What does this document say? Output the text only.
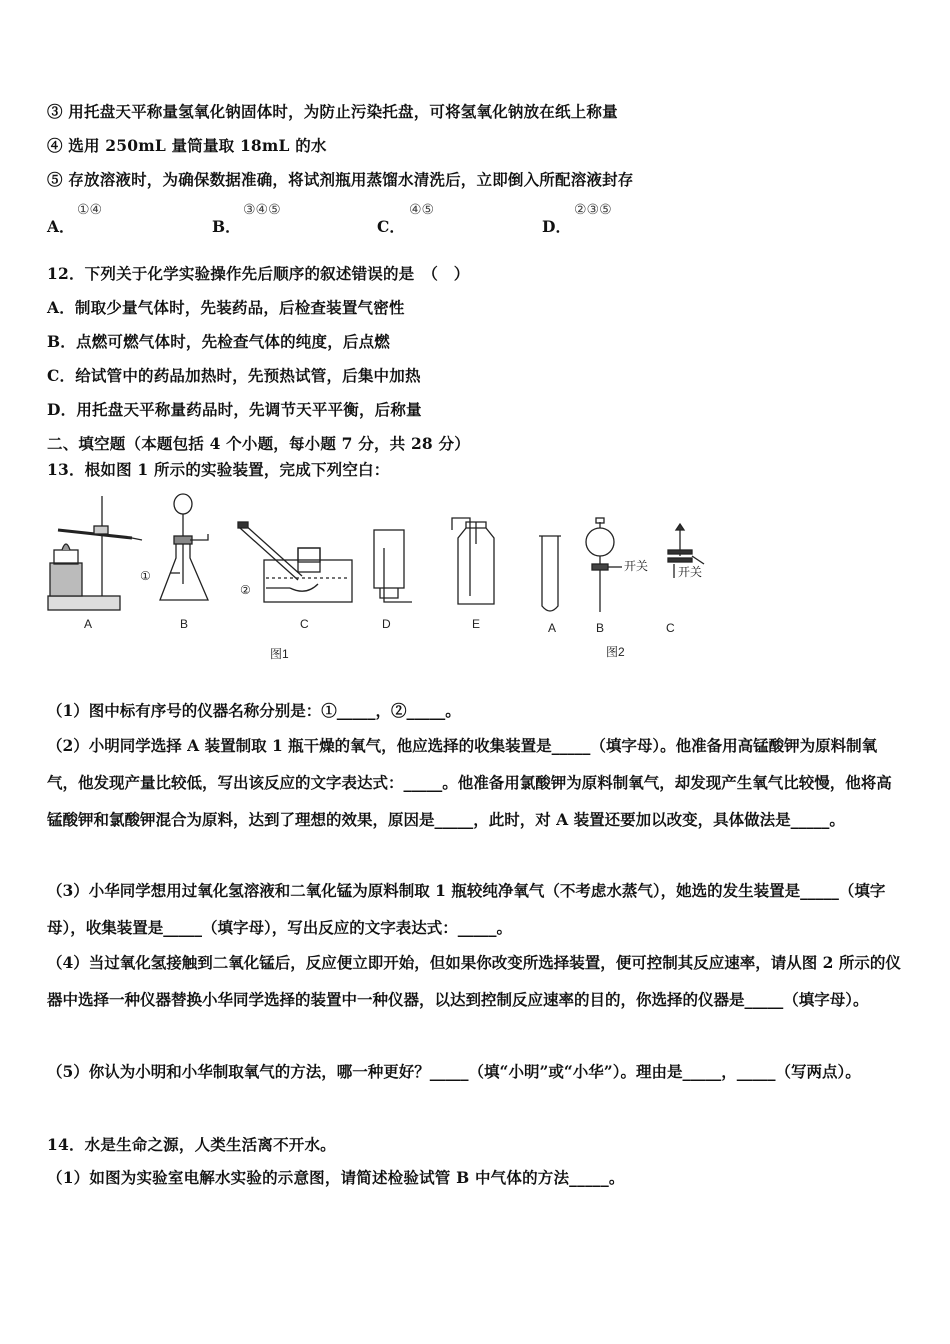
③ 用托盘天平称量氢氧化钠固体时，为防止污染托盘，可将氢氧化钠放在纸上称量
④ 选用 250mL 量筒量取 18mL 的水
⑤ 存放溶液时，为确保数据准确，将试剂瓶用蒸馏水清洗后，立即倒入所配溶液封存
A．
①④
B．
③④⑤
C．
④⑤
D．
②③⑤
12．下列关于化学实验操作先后顺序的叙述错误的是　（　）
A．制取少量气体时，先装药品，后检查装置气密性
B．点燃可燃气体时，先检查气体的纯度，后点燃
C．给试管中的药品加热时，先预热试管，后集中加热
D．用托盘天平称量药品时，先调节天平平衡，后称量
二、填空题（本题包括 4 个小题，每小题 7 分，共 28 分）
13．根如图 1 所示的实验装置，完成下列空白：
A	B	C	D	E	A	B	C
①
②
开关 开关
图1	图2
（1）图中标有序号的仪器名称分别是：①_____，②_____。
（2）小明同学选择 A 装置制取 1 瓶干燥的氧气，他应选择的收集装置是_____（填字母）。他准备用高锰酸钾为原料制氧气，他发现产量比较低，写出该反应的文字表达式：_____。他准备用氯酸钾为原料制氧气，却发现产生氧气比较慢，他将高锰酸钾和氯酸钾混合为原料，达到了理想的效果，原因是_____，此时，对 A 装置还要加以改变，具体做法是_____。
（3）小华同学想用过氧化氢溶液和二氧化锰为原料制取 1 瓶较纯净氧气（不考虑水蒸气），她选的发生装置是_____（填字母），收集装置是_____（填字母），写出反应的文字表达式：_____。
（4）当过氧化氢接触到二氧化锰后，反应便立即开始，但如果你改变所选择装置，便可控制其反应速率，请从图 2 所示的仪器中选择一种仪器替换小华同学选择的装置中一种仪器，以达到控制反应速率的目的，你选择的仪器是_____（填字母）。
（5）你认为小明和小华制取氧气的方法，哪一种更好？_____（填“小明”或“小华”）。理由是_____，_____（写两点）。
14．水是生命之源，人类生活离不开水。
（1）如图为实验室电解水实验的示意图，请简述检验试管 B 中气体的方法_____。
